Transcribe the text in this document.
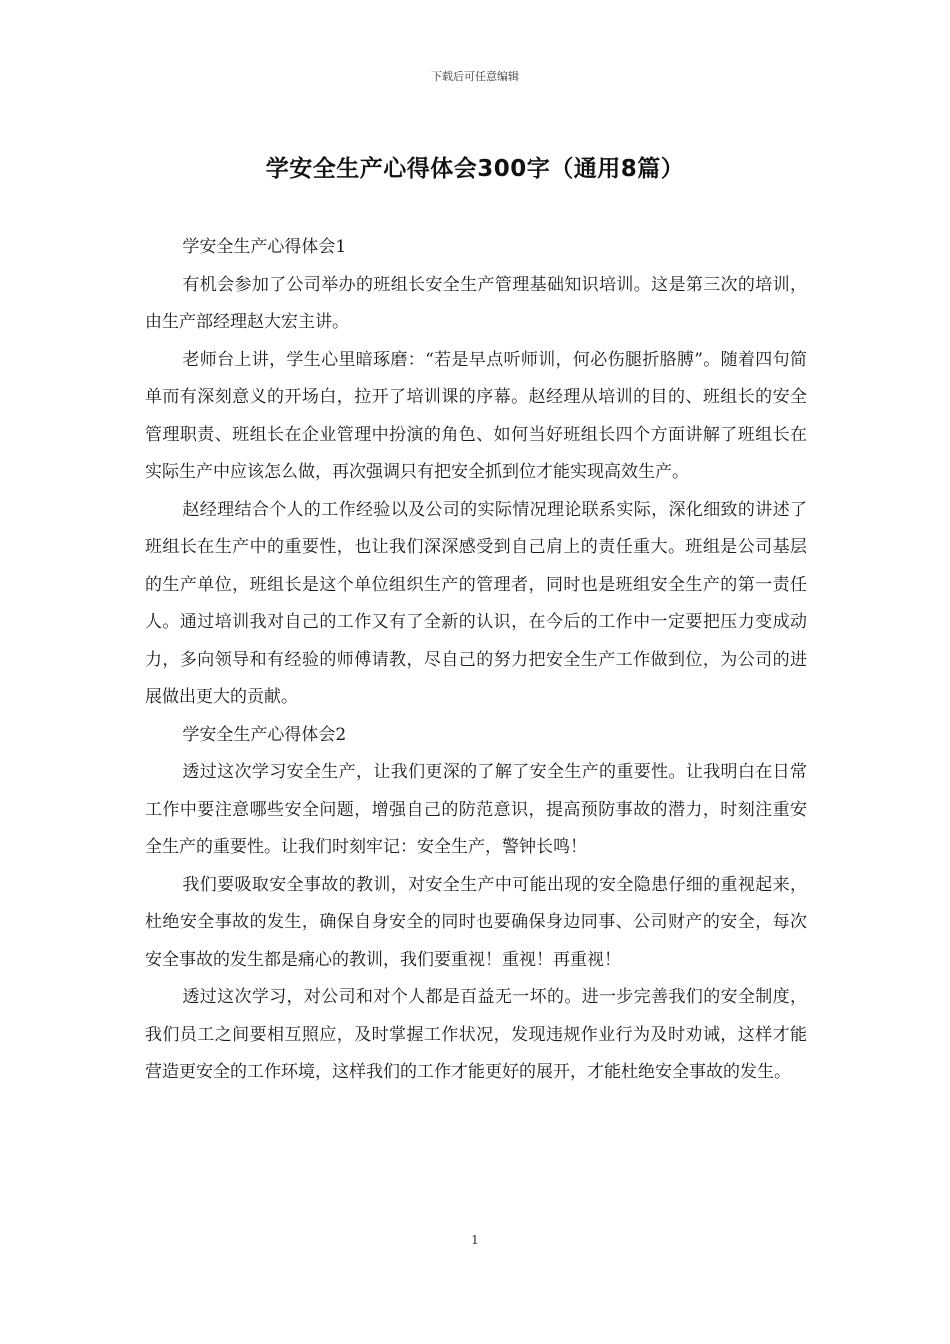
下载后可任意编辑
学安全生产心得体会300字（通用8篇）

学安全生产心得体会1

有机会参加了公司举办的班组长安全生产管理基础知识培训。这是第三次的培训，由生产部经理赵大宏主讲。

老师台上讲，学生心里暗琢磨：“若是早点听师训，何必伤腿折胳膊”。随着四句简单而有深刻意义的开场白，拉开了培训课的序幕。赵经理从培训的目的、班组长的安全管理职责、班组长在企业管理中扮演的角色、如何当好班组长四个方面讲解了班组长在实际生产中应该怎么做，再次强调只有把安全抓到位才能实现高效生产。

赵经理结合个人的工作经验以及公司的实际情况理论联系实际，深化细致的讲述了班组长在生产中的重要性，也让我们深深感受到自己肩上的责任重大。班组是公司基层的生产单位，班组长是这个单位组织生产的管理者，同时也是班组安全生产的第一责任人。通过培训我对自己的工作又有了全新的认识，在今后的工作中一定要把压力变成动力，多向领导和有经验的师傅请教，尽自己的努力把安全生产工作做到位，为公司的进展做出更大的贡献。

学安全生产心得体会2

透过这次学习安全生产，让我们更深的了解了安全生产的重要性。让我明白在日常工作中要注意哪些安全问题，增强自己的防范意识，提高预防事故的潜力，时刻注重安全生产的重要性。让我们时刻牢记：安全生产，警钟长鸣！

我们要吸取安全事故的教训，对安全生产中可能出现的安全隐患仔细的重视起来，杜绝安全事故的发生，确保自身安全的同时也要确保身边同事、公司财产的安全，每次安全事故的发生都是痛心的教训，我们要重视！重视！再重视！

透过这次学习，对公司和对个人都是百益无一坏的。进一步完善我们的安全制度，我们员工之间要相互照应，及时掌握工作状况，发现违规作业行为及时劝诫，这样才能营造更安全的工作环境，这样我们的工作才能更好的展开，才能杜绝安全事故的发生。

1
